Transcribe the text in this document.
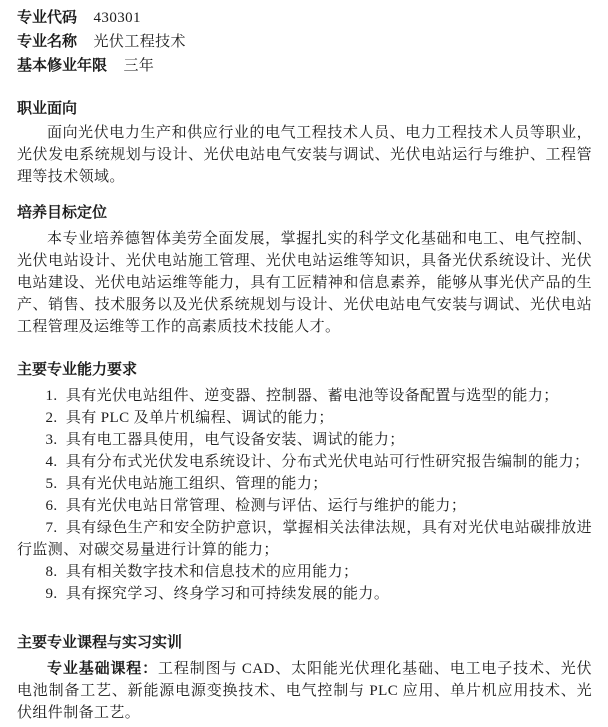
专业代码 430301

专业名称 光伏工程技术

基本修业年限 三年

职业面向

面向光伏电力生产和供应行业的电气工程技术人员、电力工程技术人员等职业，光伏发电系统规划与设计、光伏电站电气安装与调试、光伏电站运行与维护、工程管理等技术领域。

培养目标定位

本专业培养德智体美劳全面发展，掌握扎实的科学文化基础和电工、电气控制、光伏电站设计、光伏电站施工管理、光伏电站运维等知识，具备光伏系统设计、光伏电站建设、光伏电站运维等能力，具有工匠精神和信息素养，能够从事光伏产品的生产、销售、技术服务以及光伏系统规划与设计、光伏电站电气安装与调试、光伏电站工程管理及运维等工作的高素质技术技能人才。

主要专业能力要求

1. 具有光伏电站组件、逆变器、控制器、蓄电池等设备配置与选型的能力；

2. 具有 PLC 及单片机编程、调试的能力；

3. 具有电工器具使用，电气设备安装、调试的能力；

4. 具有分布式光伏发电系统设计、分布式光伏电站可行性研究报告编制的能力；

5. 具有光伏电站施工组织、管理的能力；

6. 具有光伏电站日常管理、检测与评估、运行与维护的能力；

7. 具有绿色生产和安全防护意识，掌握相关法律法规，具有对光伏电站碳排放进行监测、对碳交易量进行计算的能力；

8. 具有相关数字技术和信息技术的应用能力；

9. 具有探究学习、终身学习和可持续发展的能力。

主要专业课程与实习实训

专业基础课程：工程制图与 CAD、太阳能光伏理化基础、电工电子技术、光伏电池制备工艺、新能源电源变换技术、电气控制与 PLC 应用、单片机应用技术、光伏组件制备工艺。
